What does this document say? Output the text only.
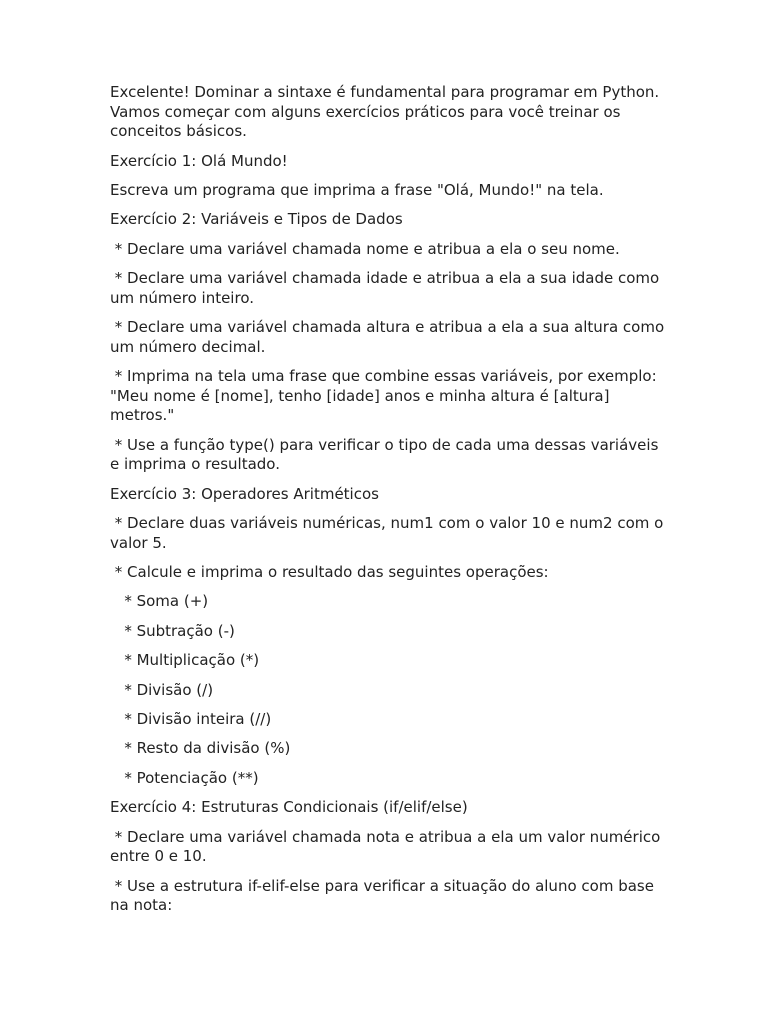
Excelente! Dominar a sintaxe é fundamental para programar em Python. Vamos começar com alguns exercícios práticos para você treinar os conceitos básicos.

Exercício 1: Olá Mundo!

Escreva um programa que imprima a frase "Olá, Mundo!" na tela.

Exercício 2: Variáveis e Tipos de Dados

* Declare uma variável chamada nome e atribua a ela o seu nome.

* Declare uma variável chamada idade e atribua a ela a sua idade como um número inteiro.

* Declare uma variável chamada altura e atribua a ela a sua altura como um número decimal.

* Imprima na tela uma frase que combine essas variáveis, por exemplo: "Meu nome é [nome], tenho [idade] anos e minha altura é [altura] metros."

* Use a função type() para verificar o tipo de cada uma dessas variáveis e imprima o resultado.

Exercício 3: Operadores Aritméticos

* Declare duas variáveis numéricas, num1 com o valor 10 e num2 com o valor 5.

* Calcule e imprima o resultado das seguintes operações:

* Soma (+)

* Subtração (-)

* Multiplicação (*)

* Divisão (/)

* Divisão inteira (//)

* Resto da divisão (%)

* Potenciação (**)

Exercício 4: Estruturas Condicionais (if/elif/else)

* Declare uma variável chamada nota e atribua a ela um valor numérico entre 0 e 10.

* Use a estrutura if-elif-else para verificar a situação do aluno com base na nota:
